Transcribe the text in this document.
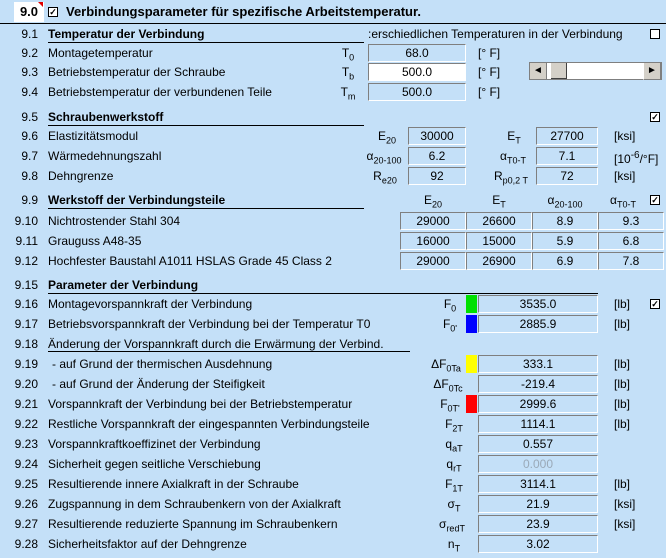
9.0	✓ Verbindungsparameter für spezifische Arbeitstemperatur.
9.1 Temperatur der Verbindung	:erschiedlichen Temperaturen in der Verbindung
9.2 Montagetemperatur	$T_0$	68.0	[° F]
9.3 Betriebstemperatur der Schraube	$T_b$	500.0	[° F]	◄	►
9.4 Betriebstemperatur der verbundenen Teile	$T_m$	500.0	[° F]
9.5 Schraubenwerkstoff	✓
9.6 Elastizitätsmodul	$E_{20}$	30000	$E_T$	27700	[ksi]
9.7 Wärmedehnungszahl	$\alpha_{20-100}$	6.2	$\alpha_{T0-T}$	7.1	$[10^{-6}/^\circ F]$
9.8 Dehngrenze	$R_{e20}$	92	$R_{p0,2 T}$	72	[ksi]
9.9 Werkstoff der Verbindungsteile	$E_{20}$	$E_T$	$\alpha_{20-100}$	$\alpha_{T0-T}$	✓
9.10 Nichtrostender Stahl 304	29000	26600	8.9	9.3
9.11 Grauguss A48-35	16000	15000	5.9	6.8
9.12 Hochfester Baustahl A1011 HSLAS Grade 45 Class 2	29000	26900	6.9	7.8
9.15 Parameter der Verbindung
9.16 Montagevorspannkraft der Verbindung	$F_0$	3535.0	[lb] ✓
9.17 Betriebsvorspannkraft der Verbindung bei der Temperatur T0	$F_{0'}$	2885.9	[lb]
9.18 Änderung der Vorspannkraft durch die Erwärmung der Verbind.
9.19 - auf Grund der thermischen Ausdehnung	$\Delta F_{0Ta}$	333.1	[lb]
9.20 - auf Grund der Änderung der Steifigkeit	$\Delta F_{0Tc}$	-219.4	[lb]
9.21 Vorspannkraft der Verbindung bei der Betriebstemperatur	$F_{0T'}$	2999.6	[lb]
9.22 Restliche Vorspannkraft der eingespannten Verbindungsteile	$F_{2T}$	1114.1	[lb]
9.23 Vorspannkraftkoeffizinet der Verbindung	$q_{aT}$	0.557
9.24 Sicherheit gegen seitliche Verschiebung	$q_{rT}$	0.000
9.25 Resultierende innere Axialkraft in der Schraube	$F_{1T}$	3114.1	[lb]
9.26 Zugspannung in dem Schraubenkern von der Axialkraft	$\sigma_T$	21.9	[ksi]
9.27 Resultierende reduzierte Spannung im Schraubenkern	$\sigma_{redT}$	23.9	[ksi]
9.28 Sicherheitsfaktor auf der Dehngrenze	$n_T$	3.02
